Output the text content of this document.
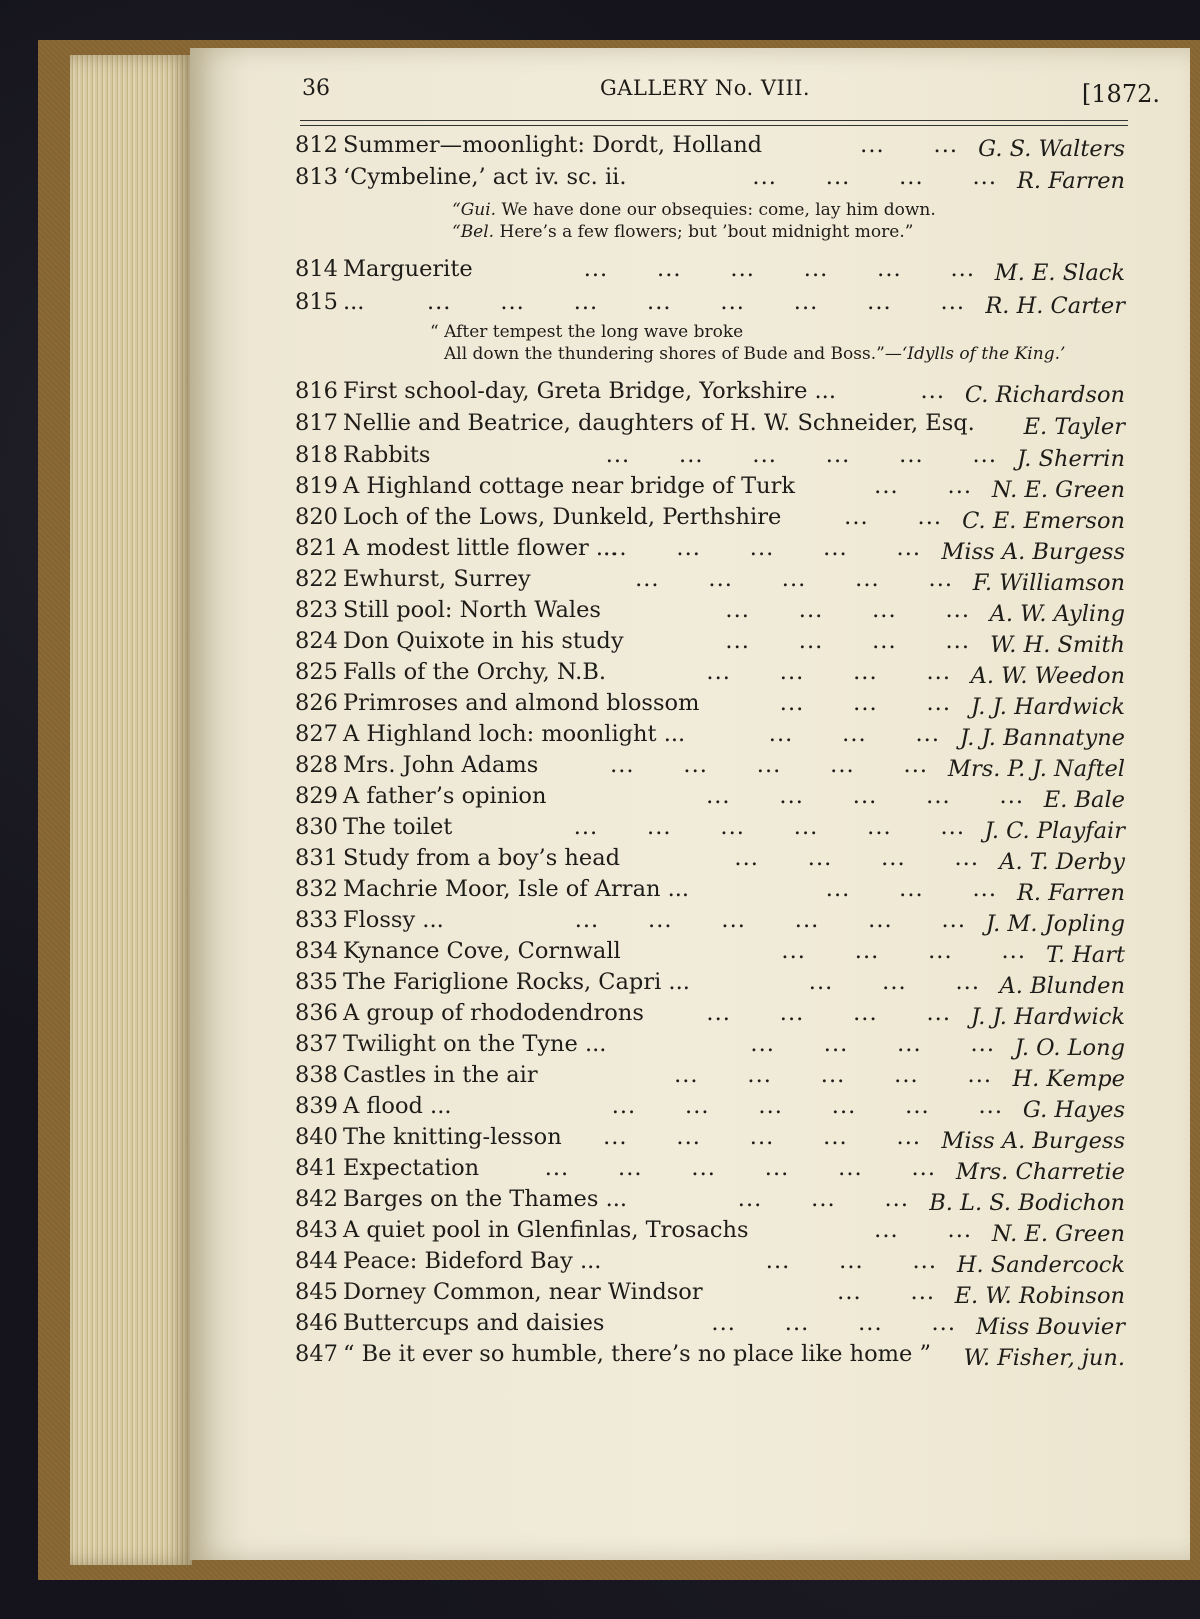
36	GALLERY No. VIII.	[1872.
812 Summer—moonlight: Dordt, Holland	G. S. Walters
...      ...
813 ‘Cymbeline,’ act iv. sc. ii.	R. Farren
...      ...      ...      ...
814 Marguerite	M. E. Slack
...      ...      ...      ...      ...      ...
815 ...	R. H. Carter
...      ...      ...      ...      ...      ...      ...      ...
816 First school-day, Greta Bridge, Yorkshire ...	C. Richardson
...
817 Nellie and Beatrice, daughters of H. W. Schneider, Esq. E. Tayler
818 Rabbits	J. Sherrin
...      ...      ...      ...      ...      ...
819 A Highland cottage near bridge of Turk	N. E. Green
...      ...
820 Loch of the Lows, Dunkeld, Perthshire	C. E. Emerson
...      ...
821 A modest little flower ...	Miss A. Burgess
...      ...      ...      ...      ...
822 Ewhurst, Surrey	F. Williamson
...      ...      ...      ...      ...
823 Still pool: North Wales	A. W. Ayling
...      ...      ...      ...
824 Don Quixote in his study	W. H. Smith
...      ...      ...      ...
825 Falls of the Orchy, N.B.	A. W. Weedon
...      ...      ...      ...
826 Primroses and almond blossom	J. J. Hardwick
...      ...      ...
827 A Highland loch: moonlight ...	J. J. Bannatyne
...      ...      ...
828 Mrs. John Adams	Mrs. P. J. Naftel
...      ...      ...      ...      ...
829 A father’s opinion	E. Bale
...      ...      ...      ...      ...
830 The toilet	J. C. Playfair
...      ...      ...      ...      ...      ...
831 Study from a boy’s head	A. T. Derby
...      ...      ...      ...
832 Machrie Moor, Isle of Arran ...	R. Farren
...      ...      ...
833 Flossy ...	J. M. Jopling
...      ...      ...      ...      ...      ...
834 Kynance Cove, Cornwall	T. Hart
...      ...      ...      ...
835 The Fariglione Rocks, Capri ...	A. Blunden
...      ...      ...
836 A group of rhododendrons	J. J. Hardwick
...      ...      ...      ...
837 Twilight on the Tyne ...	J. O. Long
...      ...      ...      ...
838 Castles in the air	H. Kempe
...      ...      ...      ...      ...
839 A flood ...	G. Hayes
...      ...      ...      ...      ...      ...
840 The knitting-lesson	Miss A. Burgess
...      ...      ...      ...      ...
841 Expectation	Mrs. Charretie
...      ...      ...      ...      ...      ...
842 Barges on the Thames ...	B. L. S. Bodichon
...      ...      ...
843 A quiet pool in Glenfinlas, Trosachs	N. E. Green
...      ...
844 Peace: Bideford Bay ...	H. Sandercock
...      ...      ...
845 Dorney Common, near Windsor	E. W. Robinson
...      ...
846 Buttercups and daisies	Miss Bouvier
...      ...      ...      ...
847 “ Be it ever so humble, there’s no place like home ” W. Fisher, jun.
“Gui. We have done our obsequies: come, lay him down.
“Bel. Here’s a few flowers; but ’bout midnight more.”
“ After tempest the long wave broke
All down the thundering shores of Bude and Boss.”—‘Idylls of the King.’
